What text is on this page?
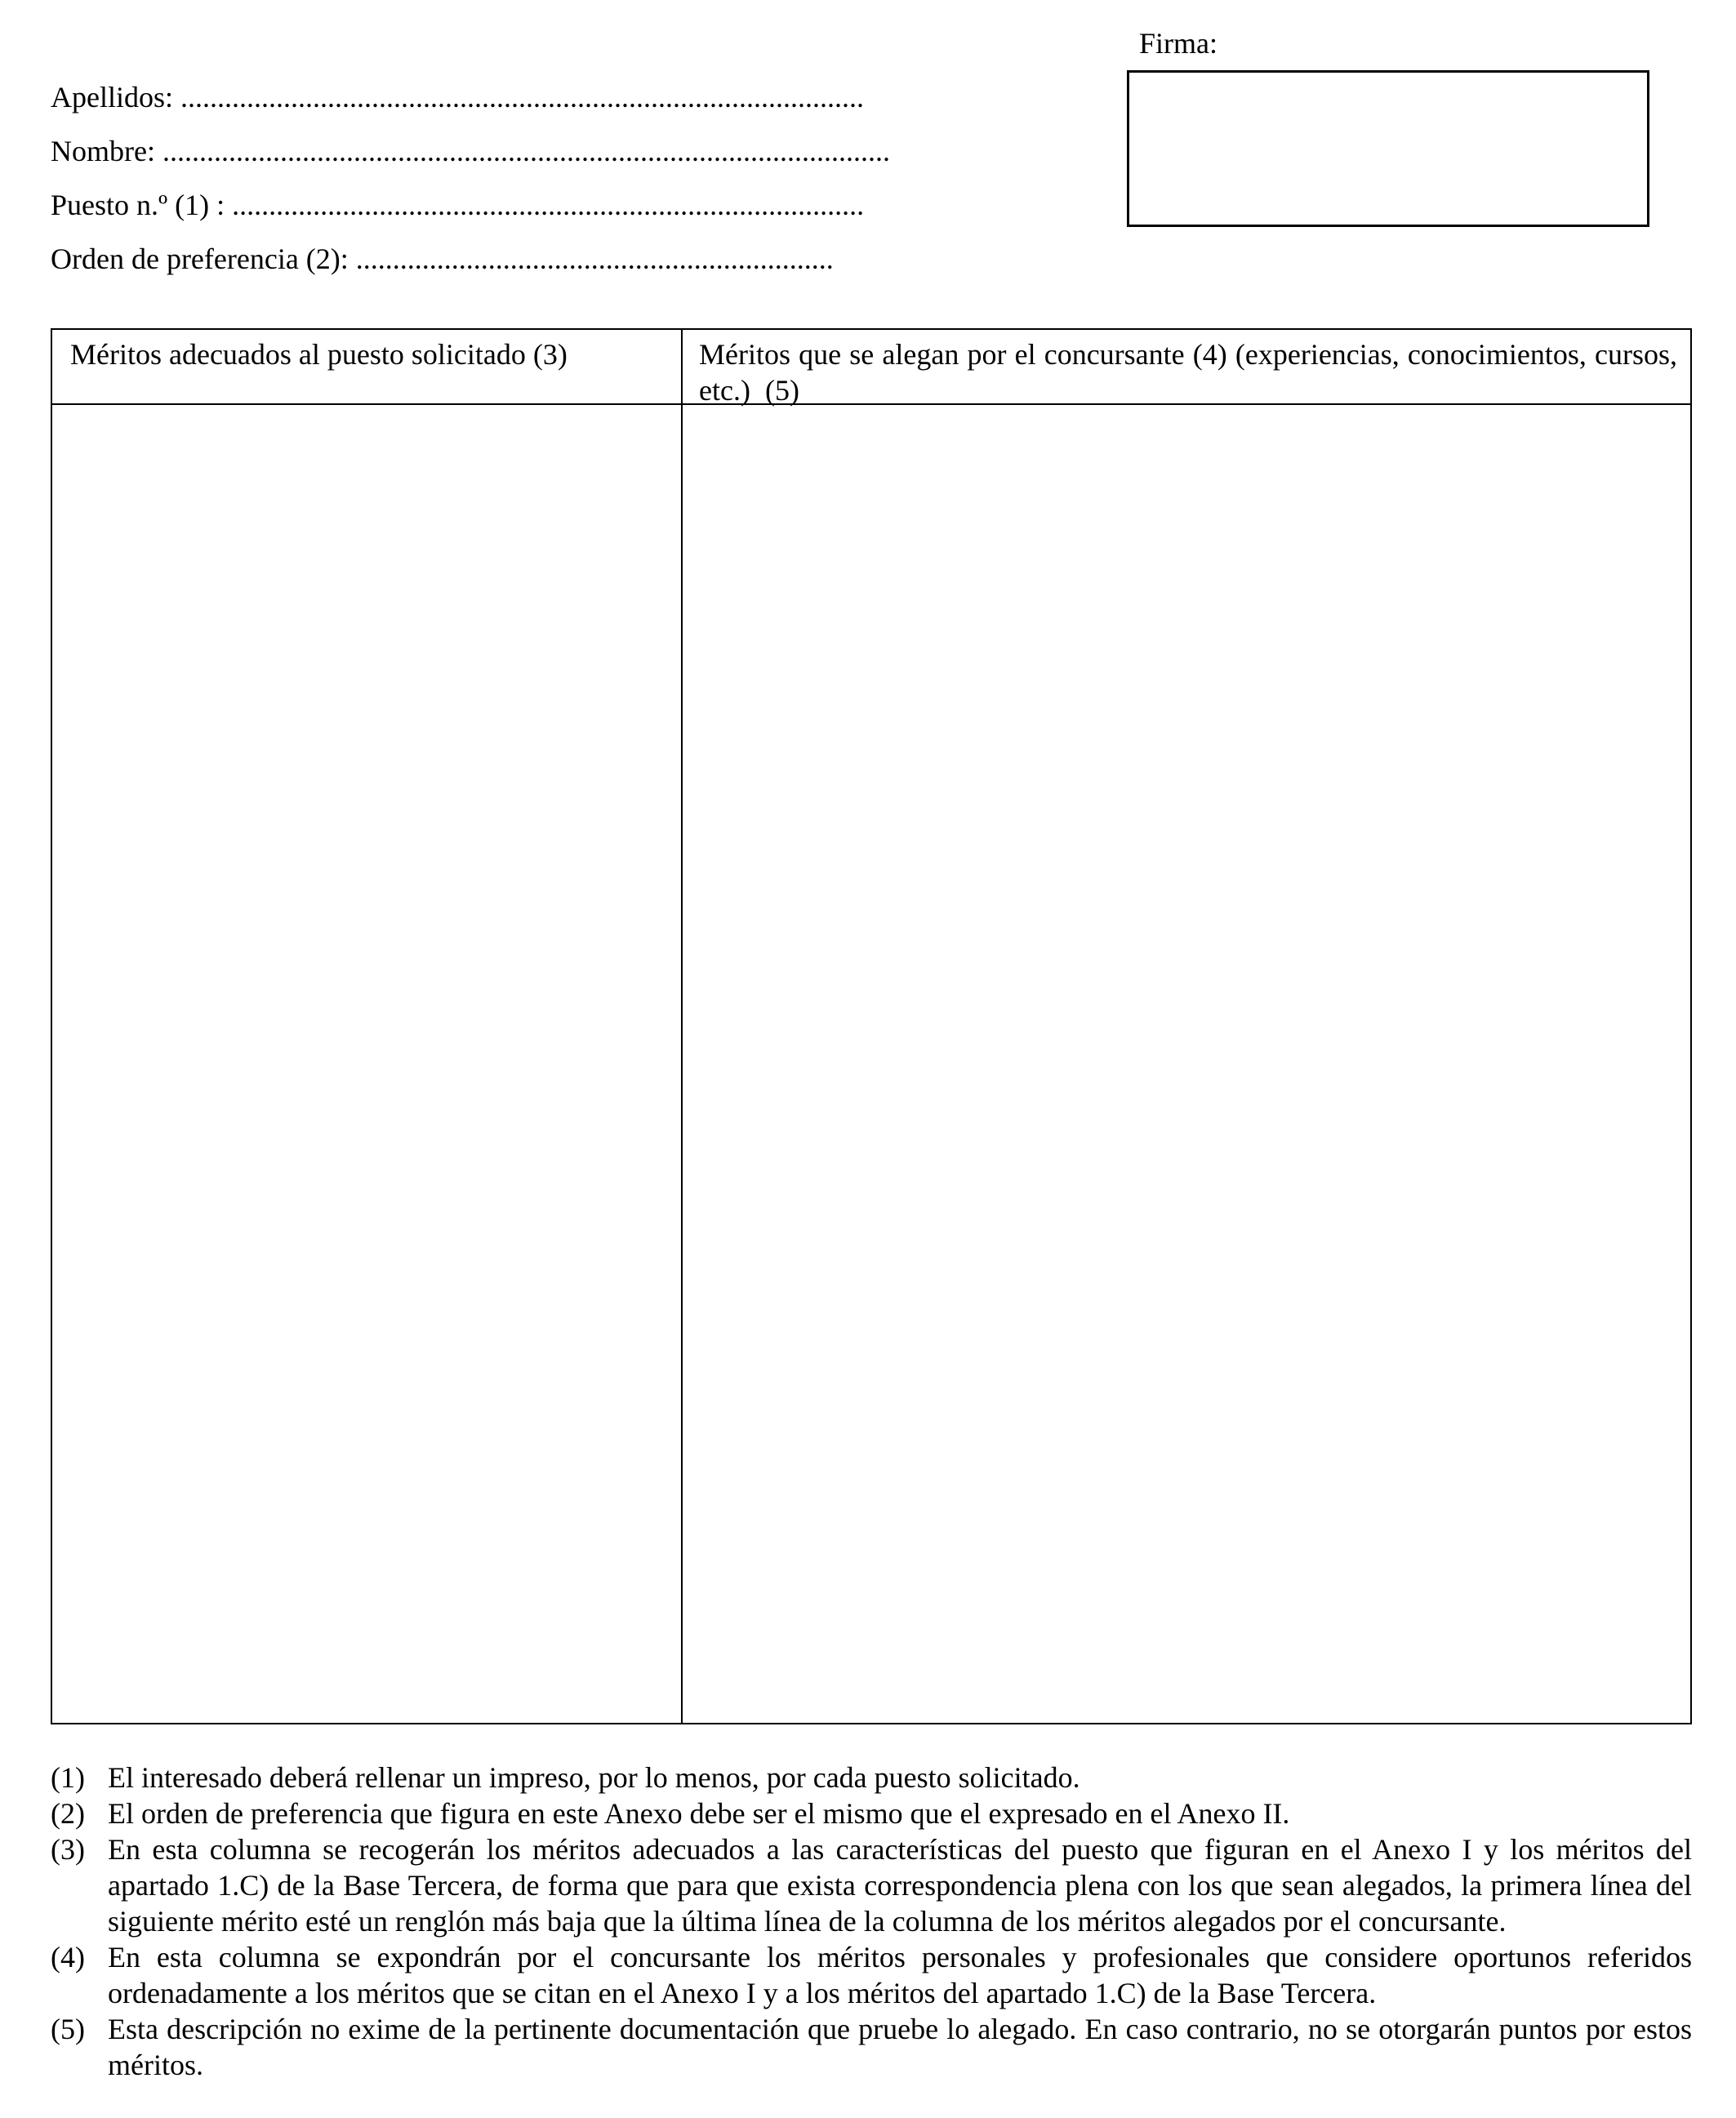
Firma:
Apellidos: .............................................................................................
Nombre: ...................................................................................................
Puesto n.º (1) : ......................................................................................
Orden de preferencia (2): .................................................................
Méritos adecuados al puesto solicitado (3)	Méritos que se alegan por el concursante (4) (experiencias, conocimientos, cursos, etc.) (5)
(1) El interesado deberá rellenar un impreso, por lo menos, por cada puesto solicitado.
(2) El orden de preferencia que figura en este Anexo debe ser el mismo que el expresado en el Anexo II.
(3) En esta columna se recogerán los méritos adecuados a las características del puesto que figuran en el Anexo I y los méritos del apartado 1.C) de la Base Tercera, de forma que para que exista correspondencia plena con los que sean alegados, la primera línea del siguiente mérito esté un renglón más baja que la última línea de la columna de los méritos alegados por el concursante.
(4) En esta columna se expondrán por el concursante los méritos personales y profesionales que considere oportunos referidos ordenadamente a los méritos que se citan en el Anexo I y a los méritos del apartado 1.C) de la Base Tercera.
(5) Esta descripción no exime de la pertinente documentación que pruebe lo alegado. En caso contrario, no se otorgarán puntos por estos méritos.
